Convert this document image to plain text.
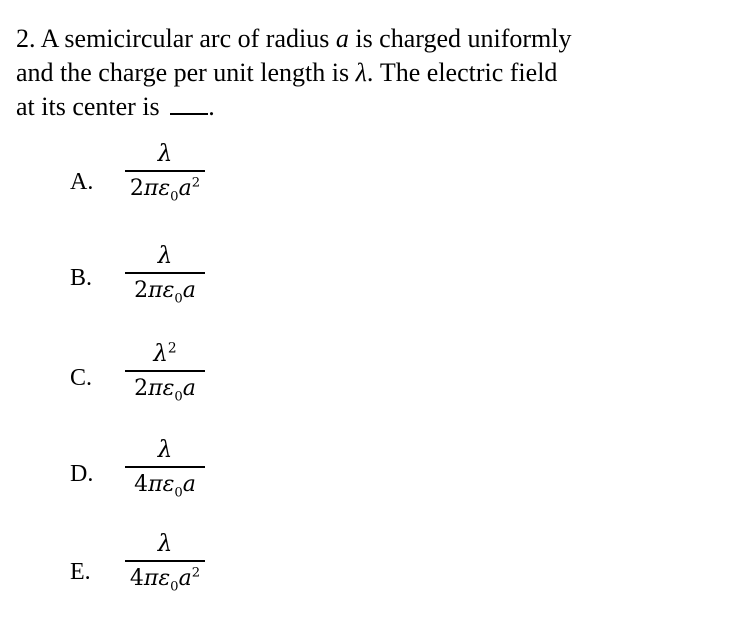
2. A semicircular arc of radius a is charged uniformly
and the charge per unit length is λ. The electric field
at its center is .
A.
λ
$2\pi\varepsilon_0a^2$
B.
λ
$2\pi\varepsilon_0a$
C.
$\lambda^2$
$2\pi\varepsilon_0a$
D.
λ
$4\pi\varepsilon_0a$
E.
λ
$4\pi\varepsilon_0a^2$
